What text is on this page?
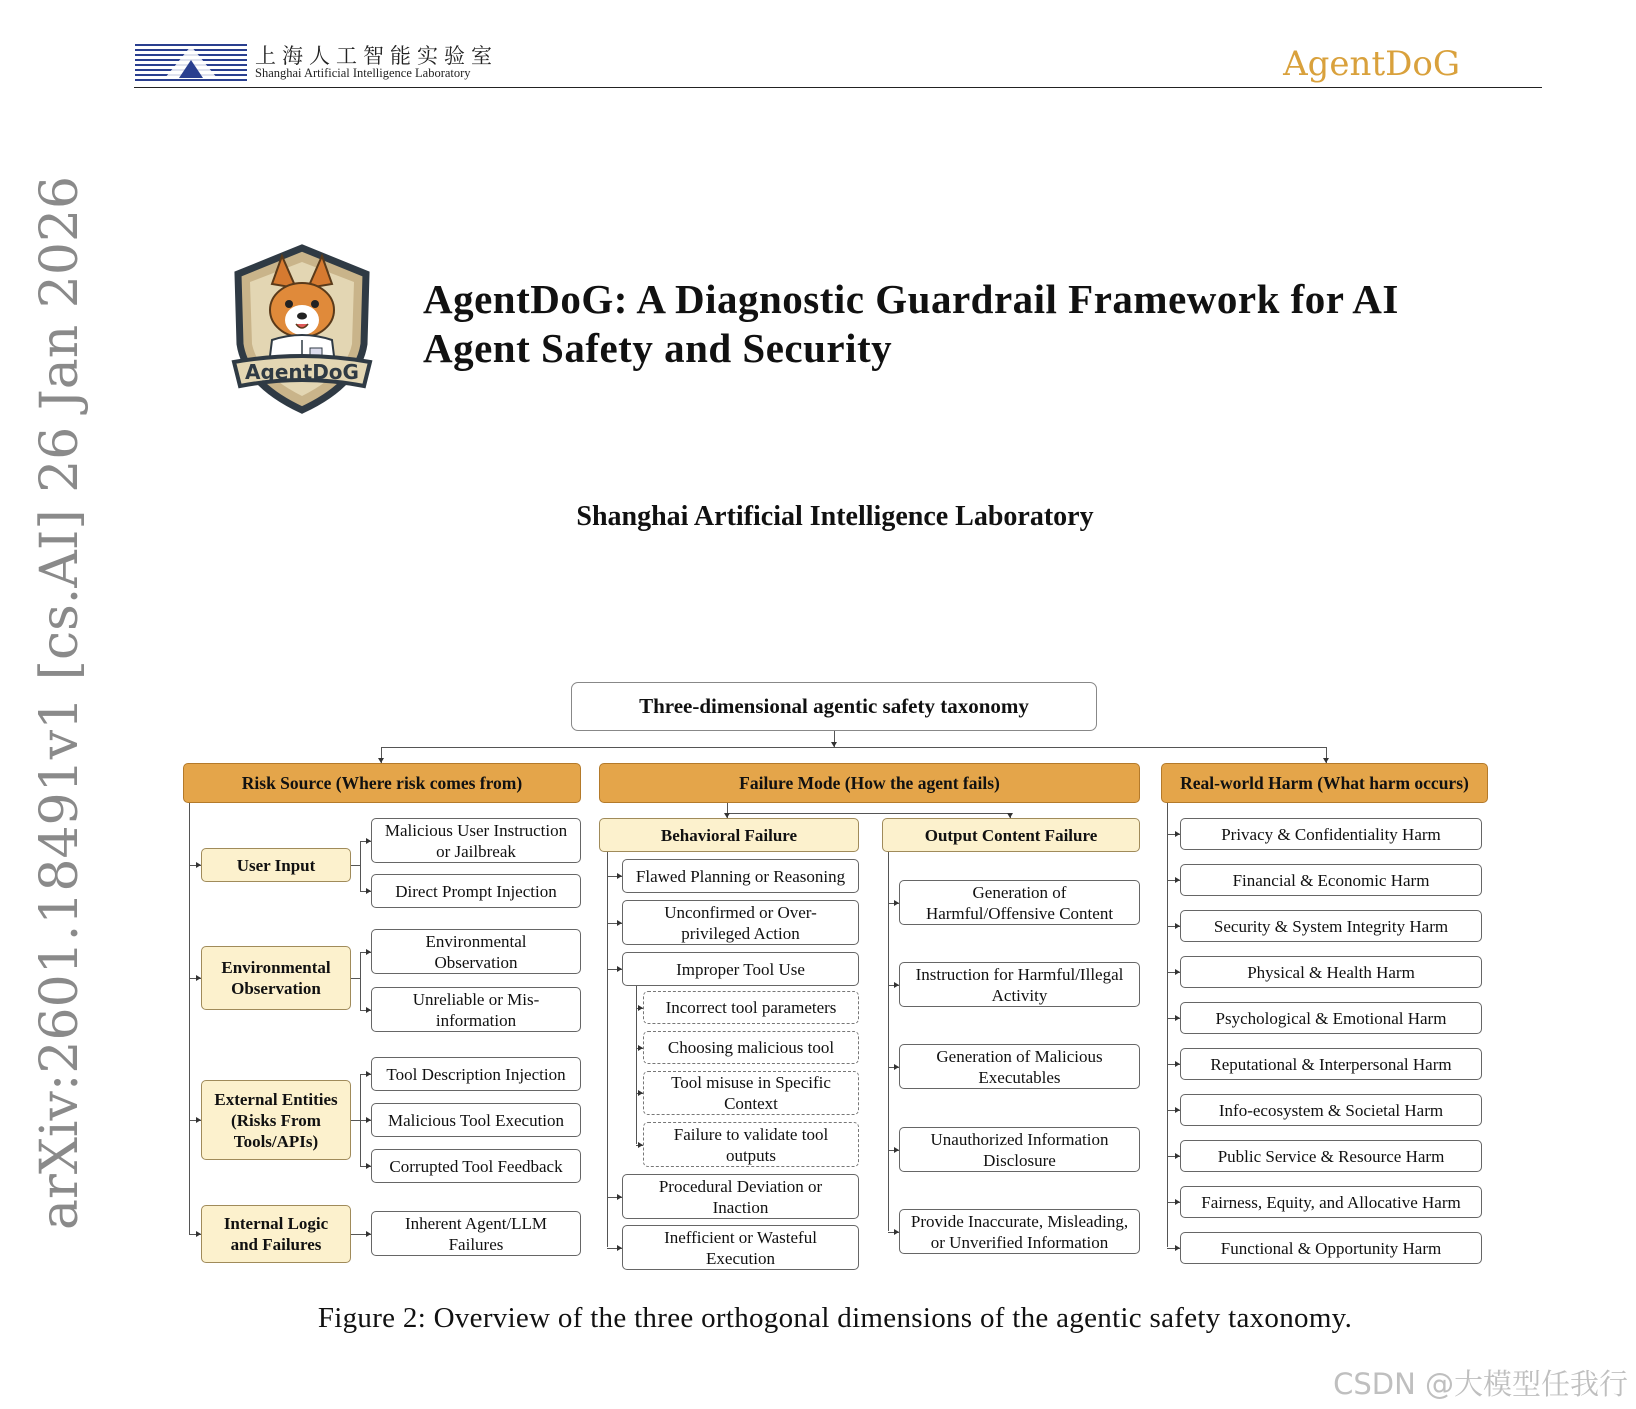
上海人工智能实验室
Shanghai Artificial Intelligence Laboratory	AgentDoG
arXiv:2601.18491v1 [cs.AI] 26 Jan 2026	AgentDoG
AgentDoG: A Diagnostic Guardrail Framework for AI
Agent Safety and Security
Shanghai Artificial Intelligence Laboratory
Three-dimensional agentic safety taxonomy
Risk Source (Where risk comes from)	Failure Mode (How the agent fails)	Real-world Harm (What harm occurs)
User Input
Malicious User Instruction
or Jailbreak
Direct Prompt Injection
Environmental
Observation
Environmental
Observation
Unreliable or Mis-
information
External Entities
(Risks From
Tools/APIs)
Tool Description Injection
Malicious Tool Execution
Corrupted Tool Feedback
Internal Logic
and Failures
Inherent Agent/LLM
Failures
Behavioral Failure	Output Content Failure
Flawed Planning or Reasoning
Unconfirmed or Over-
privileged Action
Improper Tool Use
Procedural Deviation or
Inaction
Inefficient or Wasteful
Execution
Incorrect tool parameters
Choosing malicious tool
Tool misuse in Specific
Context
Failure to validate tool
outputs
Generation of
Harmful/Offensive Content
Instruction for Harmful/Illegal
Activity
Generation of Malicious
Executables
Unauthorized Information
Disclosure
Provide Inaccurate, Misleading,
or Unverified Information
Privacy & Confidentiality Harm
Financial & Economic Harm
Security & System Integrity Harm
Physical & Health Harm
Psychological & Emotional Harm
Reputational & Interpersonal Harm
Info-ecosystem & Societal Harm
Public Service & Resource Harm
Fairness, Equity, and Allocative Harm
Functional & Opportunity Harm
Figure 2: Overview of the three orthogonal dimensions of the agentic safety taxonomy.
CSDN @大模型任我行
